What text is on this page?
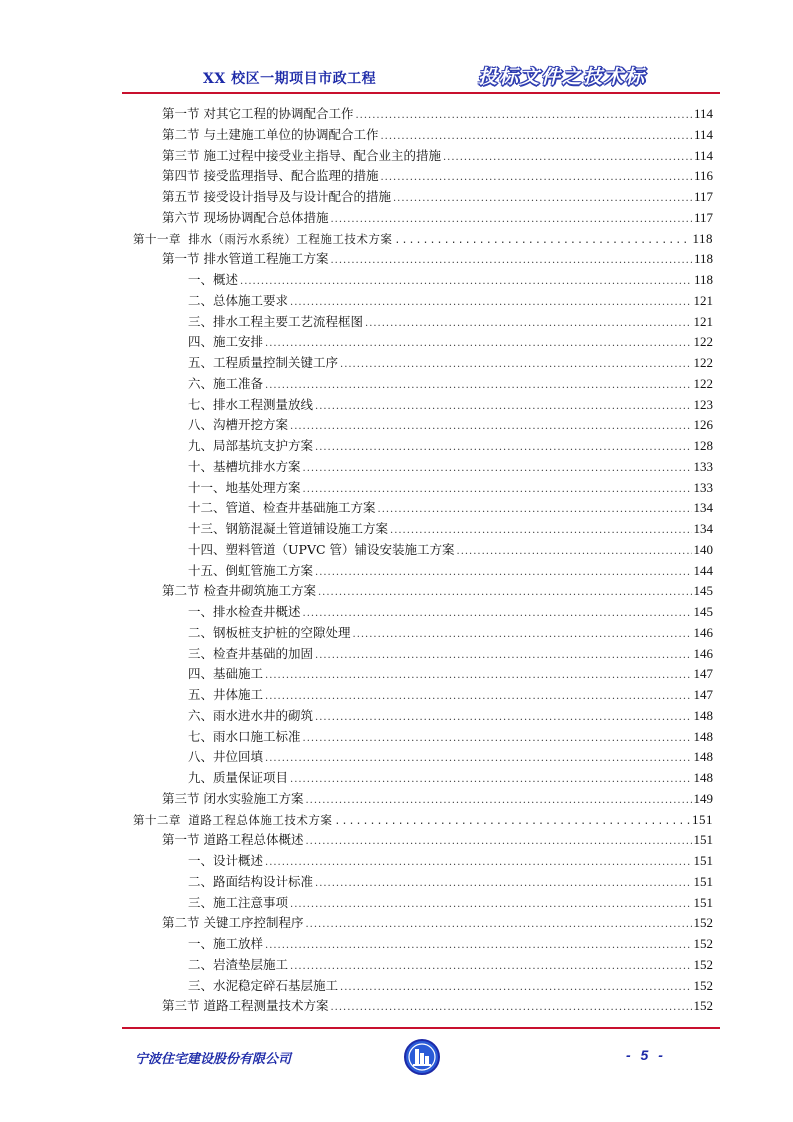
XX 校区一期项目市政工程	投标文件之技术标
第一节 对其它工程的协调配合工作 .....	114
第二节 与土建施工单位的协调配合工作 .....	114
第三节 施工过程中接受业主指导、配合业主的措施 .....	114
第四节 接受监理指导、配合监理的措施 .....	116
第五节 接受设计指导及与设计配合的措施 .....	117
第六节 现场协调配合总体措施 .....	117
第十一章 排水（雨污水系统）工程施工技术方案 .....	118
第一节 排水管道工程施工方案 .....	118
一、概述 .....	118
二、总体施工要求 .....	121
三、排水工程主要工艺流程框图 .....	121
四、施工安排 .....	122
五、工程质量控制关键工序 .....	122
六、施工准备 .....	122
七、排水工程测量放线 .....	123
八、沟槽开挖方案 .....	126
九、局部基坑支护方案 .....	128
十、基槽坑排水方案 .....	133
十一、地基处理方案 .....	133
十二、管道、检查井基础施工方案 .....	134
十三、钢筋混凝土管道铺设施工方案 .....	134
十四、塑料管道（UPVC 管）铺设安装施工方案 .....	140
十五、倒虹管施工方案 .....	144
第二节 检查井砌筑施工方案 .....	145
一、排水检查井概述 .....	145
二、钢板桩支护桩的空隙处理 .....	146
三、检查井基础的加固 .....	146
四、基础施工 .....	147
五、井体施工 .....	147
六、雨水进水井的砌筑 .....	148
七、雨水口施工标准 .....	148
八、井位回填 .....	148
九、质量保证项目 .....	148
第三节 闭水实验施工方案 .....	149
第十二章 道路工程总体施工技术方案 .....	151
第一节 道路工程总体概述 .....	151
一、设计概述 .....	151
二、路面结构设计标准 .....	151
三、施工注意事项 .....	151
第二节 关键工序控制程序 .....	152
一、施工放样 .....	152
二、岩渣垫层施工 .....	152
三、水泥稳定碎石基层施工 .....	152
第三节 道路工程测量技术方案 .....	152
宁波住宅建设股份有限公司	- 5 -
